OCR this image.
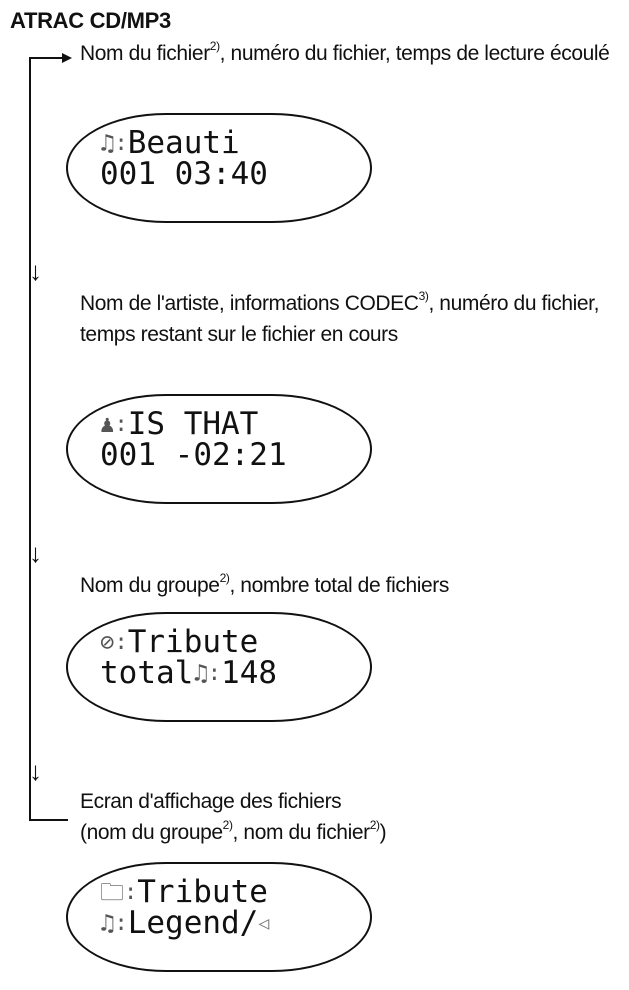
ATRAC CD/MP3
Nom du fichier$^{2)}$, numéro du fichier, temps de lecture écoulé
♫:Beauti
001 03:40
↓
Nom de l'artiste, informations CODEC$^{3)}$, numéro du fichier, temps restant sur le fichier en cours
♟:IS THAT
001 -02:21
↓
Nom du groupe$^{2)}$, nombre total de fichiers
⊘:Tribute
total♫:148
↓
Ecran d'affichage des fichiers
(nom du groupe$^{2)}$, nom du fichier$^{2)}$)
🗀:Tribute
♫:Legend/◁
